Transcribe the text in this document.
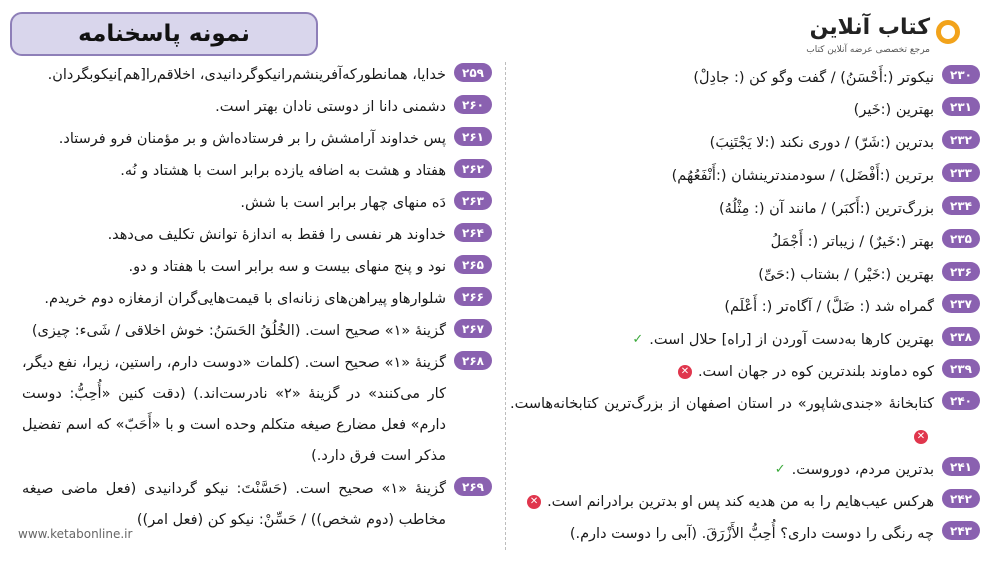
نمونه پاسخنامه	کتاب آنلاین
مرجع تخصصی عرضه آنلاین کتاب
۲۳۰
نیکوتر (:أَحْسَنُ) / گفت وگو کن (: جادِلْ)
۲۳۱
بهترین (:خَیر)
۲۳۲
بدترین (:شَرّ) / دوری نکند (:لا یَجْتَنِبَ)
۲۳۳
برترین (:أَفْضَل) / سودمندترینشان (:أَنْفَعُهُم)
۲۳۴
بزرگ‌ترین (:أَکبَر) / مانند آن (: مِثْلُهُ)
۲۳۵
بهتر (:خَیرٌ) / زیباتر (: أَجْمَلُ
۲۳۶
بهترین (:خَیْر) / بشتاب (:حَیِّ)
۲۳۷
گمراه شد (: ضَلَّ) / آگاه‌تر (: أَعْلَم)
۲۳۸
بهترین کارها به‌دست آوردن از [راه] حلال است.✓
۲۳۹
کوه دماوند بلندترین کوه در جهان است.✕
۲۴۰
کتابخانهٔ «جندی‌شاپور» در استان اصفهان از بزرگ‌ترین کتابخانه‌هاست.✕
۲۴۱
بدترین مردم، دوروست.✓
۲۴۲
هرکس عیب‌هایم را به من هدیه کند پس او بدترین برادرانم است.✕
۲۴۳
چه رنگی را دوست داری؟ أُحِبُّ الأَزْرَقَ. (آبی را دوست دارم.)
۲۵۹
خدایا، همانطورکه‌آفرینشم‌رانیکوگردانیدی، اخلاقم‌را[هم]نیکوبگردان.
۲۶۰
دشمنی دانا از دوستی نادان بهتر است.
۲۶۱
پس خداوند آرامشش را بر فرستاده‌اش و بر مؤمنان فرو فرستاد.
۲۶۲
هفتاد و هشت به اضافه یازده برابر است با هشتاد و نُه.
۲۶۳
دَه منهای چهار برابر است با شش.
۲۶۴
خداوند هر نفسی را فقط به اندازهٔ توانش تکلیف می‌دهد.
۲۶۵
نود و پنج منهای بیست و سه برابر است با هفتاد و دو.
۲۶۶
شلوارهاو پیراهن‌های زنانه‌ای‌ با قیمت‌هایی‌گران ازمغازه‌ دوم خریدم.
۲۶۷
گزینهٔ «۱» صحیح است. (الخُلُقُ الحَسَنُ: خوش اخلاقی / شَیء: چیزی)
۲۶۸
گزینهٔ «۱» صحیح است. (کلمات «دوست دارم، راستین، زیرا، نفع دیگر، کار می‌کنند» در گزینهٔ «۲» نادرست‌اند.) (دقت کنین «أُحِبُّ: دوست دارم» فعل مضارع صیغه متکلم وحده است و با «أَحَبّ» که اسم تفضیل مذکر است فرق دارد.)
۲۶۹
گزینهٔ «۱» صحیح است. (حَسَّنْتَ: نیکو گردانیدی (فعل ماضی صیغه مخاطب (دوم شخص)) / حَسِّنْ: نیکو کن (فعل امر))
www.ketabonline.ir
